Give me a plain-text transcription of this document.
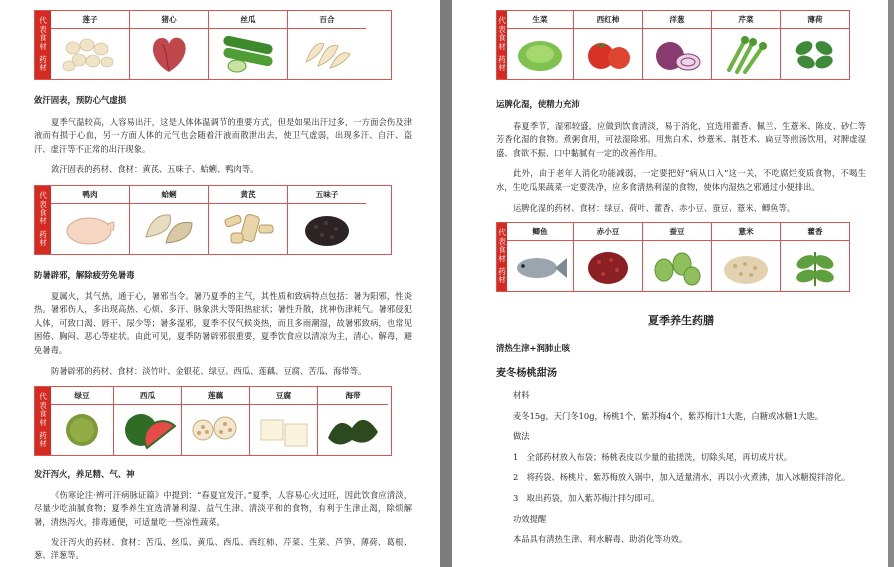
代表食材
药材
莲子	猪心	丝瓜	百合

敛汗固表，预防心气虚损

夏季气温较高，人容易出汗，这是人体体温调节的重要方式，但是如果出汗过多，一方面会伤及津液而有损于心血，另一方面人体的元气也会随着汗液而散泄出去，使卫气虚弱，出现多汗、自汗、盗汗、虚汗等不正常的出汗现象。

敛汗固表的药材、食材：黄芪、五味子、蛤蜊、鸭肉等。

代表食材
药材
鸭肉	蛤蜊	黄芪	五味子

防暑辟邪，解除疲劳免暑毒

夏属火，其气热，通于心，暑邪当令。暑乃夏季的主气，其性质和致病特点包括：暑为阳邪，性炎热。暑邪伤人，多出现高热、心烦、多汗、脉象洪大等阳热症状；暑性升散，扰神伤津耗气。暑邪侵犯人体，可致口渴、唇干、尿少等；暑多湿邪，夏季不仅气候炎热，而且多雨潮湿，故暑邪致病，也常见困倦、胸闷、恶心等症状。由此可见，夏季防暑辟邪很重要，夏季饮食应以清凉为主，清心、解毒，避免暑毒。

防暑辟邪的药材、食材：淡竹叶、金银花、绿豆、西瓜、莲藕、豆腐、苦瓜、海带等。

代表食材
药材
绿豆	西瓜	莲藕	豆腐	海带

发汗泻火，养足精、气、神

《伤寒论注·辨可汗病脉证篇》中提到：“春夏宜发汗。”夏季，人容易心火过旺，因此饮食应清淡，尽量少吃油腻食物；夏季养生宜选清暑利湿、益气生津、清淡平和的食物，有利于生津止渴，除烦解暑，清热泻火，排毒通便，可适量吃一些凉性蔬菜。

发汗泻火的药材、食材：苦瓜、丝瓜、黄瓜、西瓜、西红柿、芹菜、生菜、芦笋、薄荷、葛根、葱、洋葱等。

代表食材
药材
生菜	西红柿	洋葱	芹菜	薄荷

运脾化湿，使精力充沛

春夏季节，湿邪较盛，应做到饮食清淡，易于消化，宜选用藿香、佩兰、生薏米、陈皮、砂仁等芳香化湿的食物。煮粥食用，可祛湿除邪。用焦白术、炒薏米、制苍术、扁豆等煎汤饮用，对脾虚湿盛、食欲不振、口中黏腻有一定的改善作用。

此外，由于老年人消化功能减弱，一定要把好“病从口入”这一关，不吃腐烂变质食物，不喝生水，生吃瓜果蔬菜一定要洗净，应多食清热利湿的食物，使体内湿热之邪通过小便排出。

运脾化湿的药材、食材：绿豆、荷叶、藿香、赤小豆、蚕豆、薏米、鲫鱼等。

代表食材
药材
鲫鱼	赤小豆	蚕豆	薏米	藿香

夏季养生药膳

清热生津+润肺止咳

麦冬杨桃甜汤

材料

麦冬15g，天门冬10g，杨桃1个，紫苏梅4个，紫苏梅汁1大匙，白糖或冰糖1大匙。

做法

1　全部药材放入布袋；杨桃表皮以少量的盐搓洗，切除头尾，再切成片状。

2　将药袋、杨桃片、紫苏梅放入锅中，加入适量清水，再以小火煮沸，加入冰糖搅拌溶化。

3　取出药袋，加入紫苏梅汁拌匀即可。

功效提醒

本品具有清热生津、利水解毒、助消化等功效。
